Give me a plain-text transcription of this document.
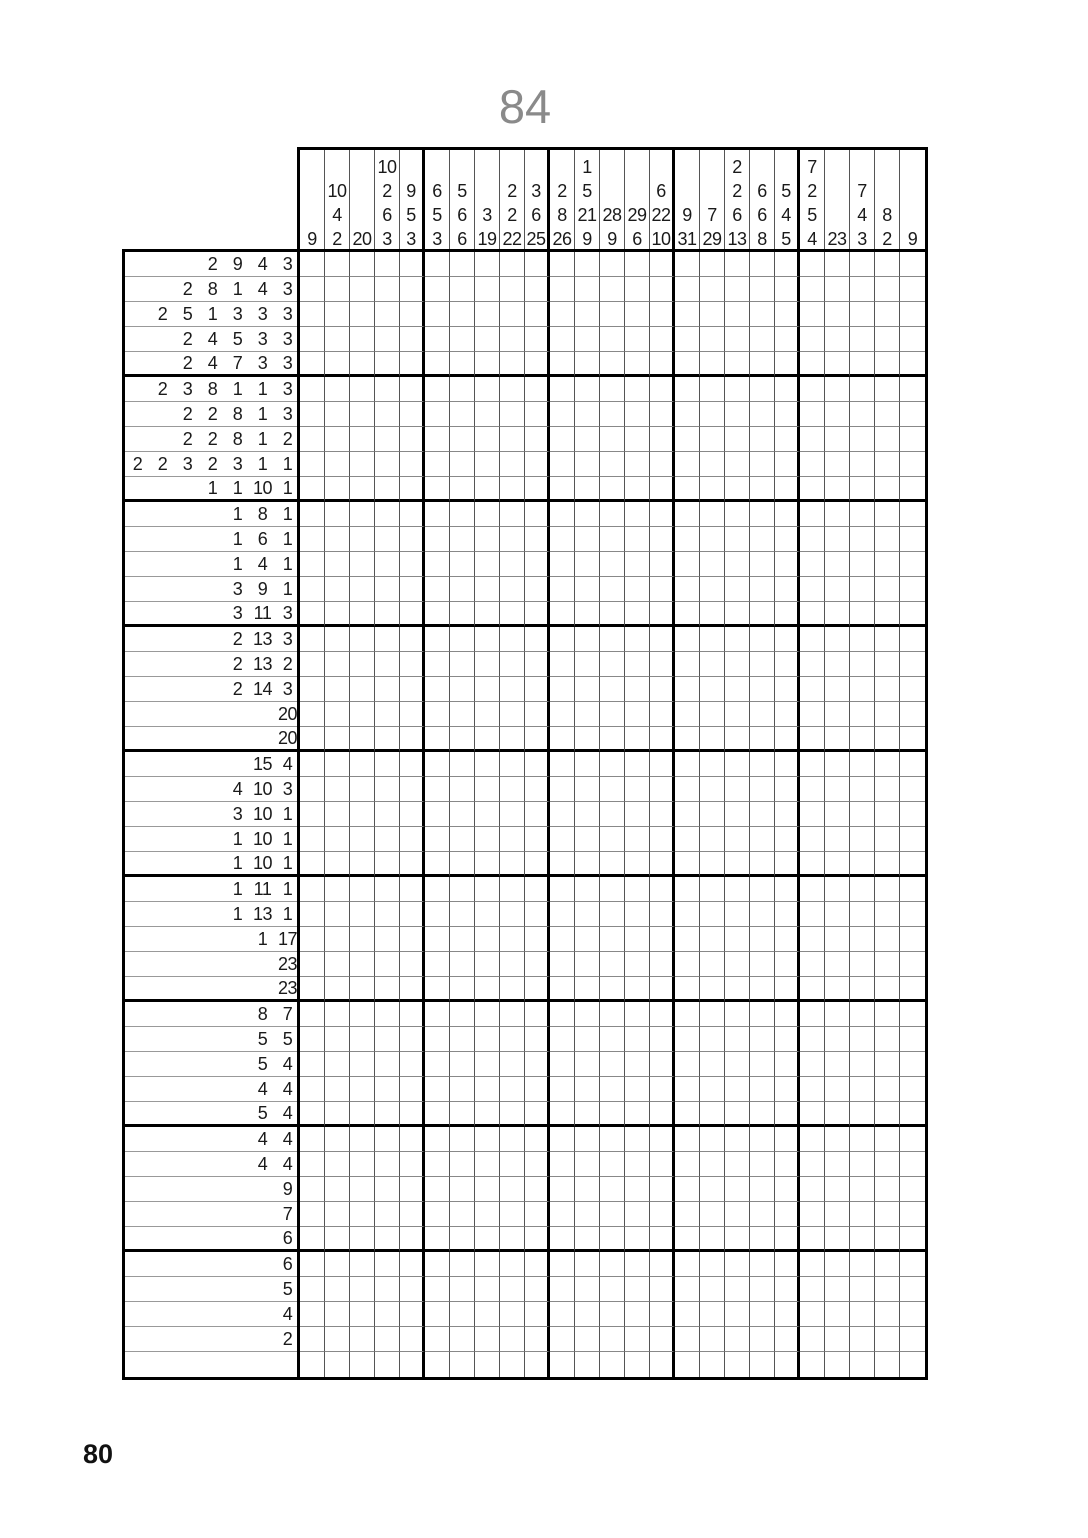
84
9
10
4
2 20
10
2
6
3
9
5
3
6
5
3
5
6
6
3
19
2
2
22
3
6
25
2
8
26
1
5
21
9
28
9
29
6
6
22
10
9
31
7
29
2
2
6
13
6
6
8
5
4
5
7
2
5
4 23
7
4
3
8
2 9
2 9 4 3
2 8 1 4 3
2 5 1 3 3 3
2 4 5 3 3
2 4 7 3 3
2 3 8 1 1 3
2 2 8 1 3
2 2 8 1 2
2 2 3 2 3 1 1
1 1 10 1
1 8 1
1 6 1
1 4 1
3 9 1
3 11 3
2 13 3
2 13 2
2 14 3
20
20
15 4
4 10 3
3 10 1
1 10 1
1 10 1
1 11 1
1 13 1
1 17
23
23
8 7
5 5
5 4
4 4
5 4
4 4
4 4
9
7
6
6
5
4
2
80
